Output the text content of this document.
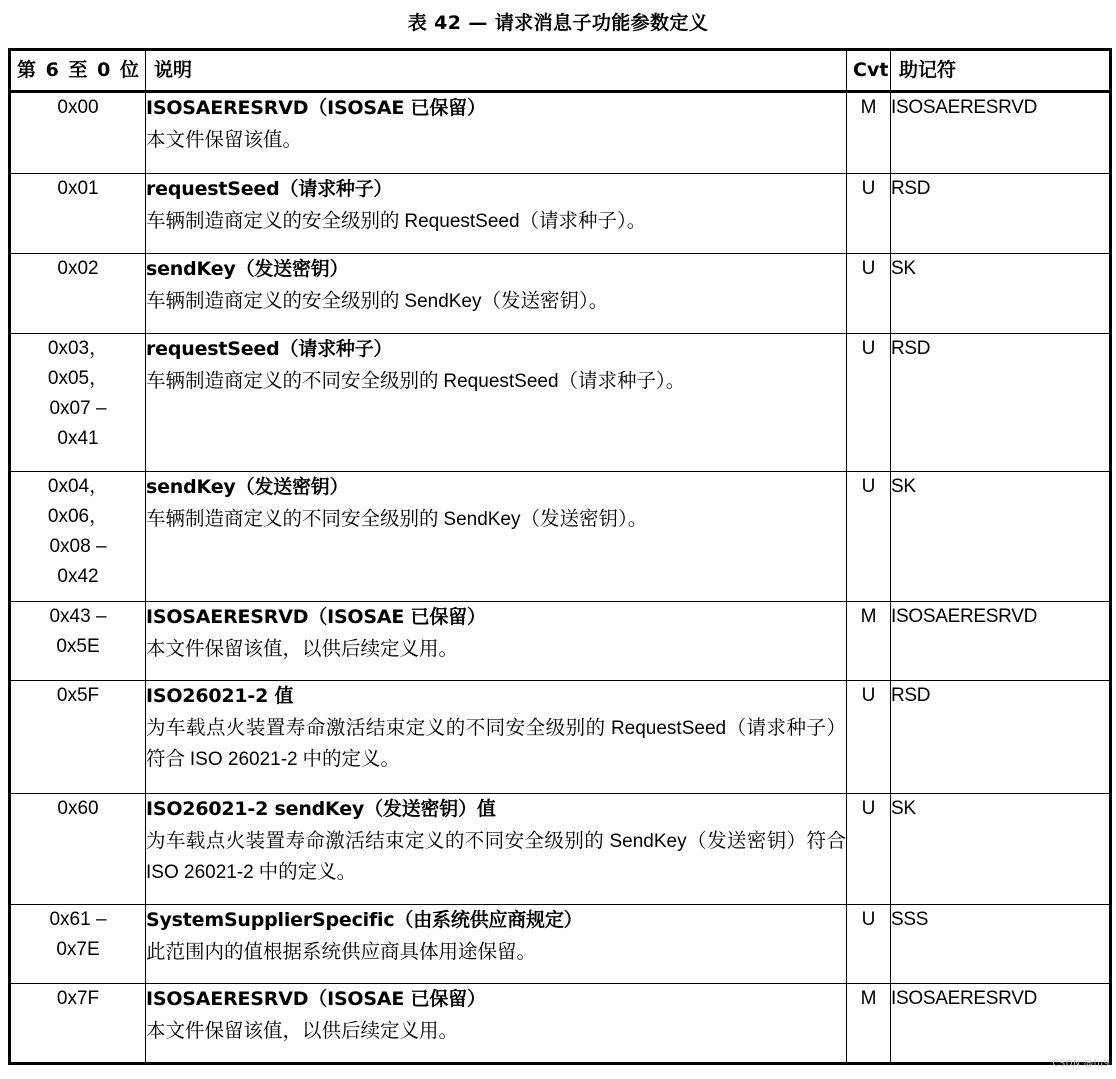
表 42 — 请求消息子功能参数定义
第 6 至 0 位	说明	Cvt	助记符

0x00	ISOSAERESRVD（ISOSAE 已保留）
本文件保留该值。	M	ISOSAERESRVD

0x01	requestSeed（请求种子）
车辆制造商定义的安全级别的 RequestSeed（请求种子）。	U	RSD

0x02	sendKey（发送密钥）
车辆制造商定义的安全级别的 SendKey（发送密钥）。	U	SK

0x03，
0x05，
0x07 –
0x41	requestSeed（请求种子）
车辆制造商定义的不同安全级别的 RequestSeed（请求种子）。	U	RSD

0x04，
0x06，
0x08 –
0x42	sendKey（发送密钥）
车辆制造商定义的不同安全级别的 SendKey（发送密钥）。	U	SK

0x43 –
0x5E	ISOSAERESRVD（ISOSAE 已保留）
本文件保留该值，以供后续定义用。	M	ISOSAERESRVD

0x5F	ISO26021-2 值
为车载点火装置寿命激活结束定义的不同安全级别的 RequestSeed（请求种子）符合 ISO 26021-2 中的定义。	U	RSD

0x60	ISO26021-2 sendKey（发送密钥）值
为车载点火装置寿命激活结束定义的不同安全级别的 SendKey（发送密钥）符合 ISO 26021-2 中的定义。	U	SK

0x61 –
0x7E	SystemSupplierSpecific（由系统供应商规定）
此范围内的值根据系统供应商具体用途保留。	U	SSS

0x7F	ISOSAERESRVD（ISOSAE 已保留）
本文件保留该值，以供后续定义用。	M	ISOSAERESRVD
CSDN @fu9
